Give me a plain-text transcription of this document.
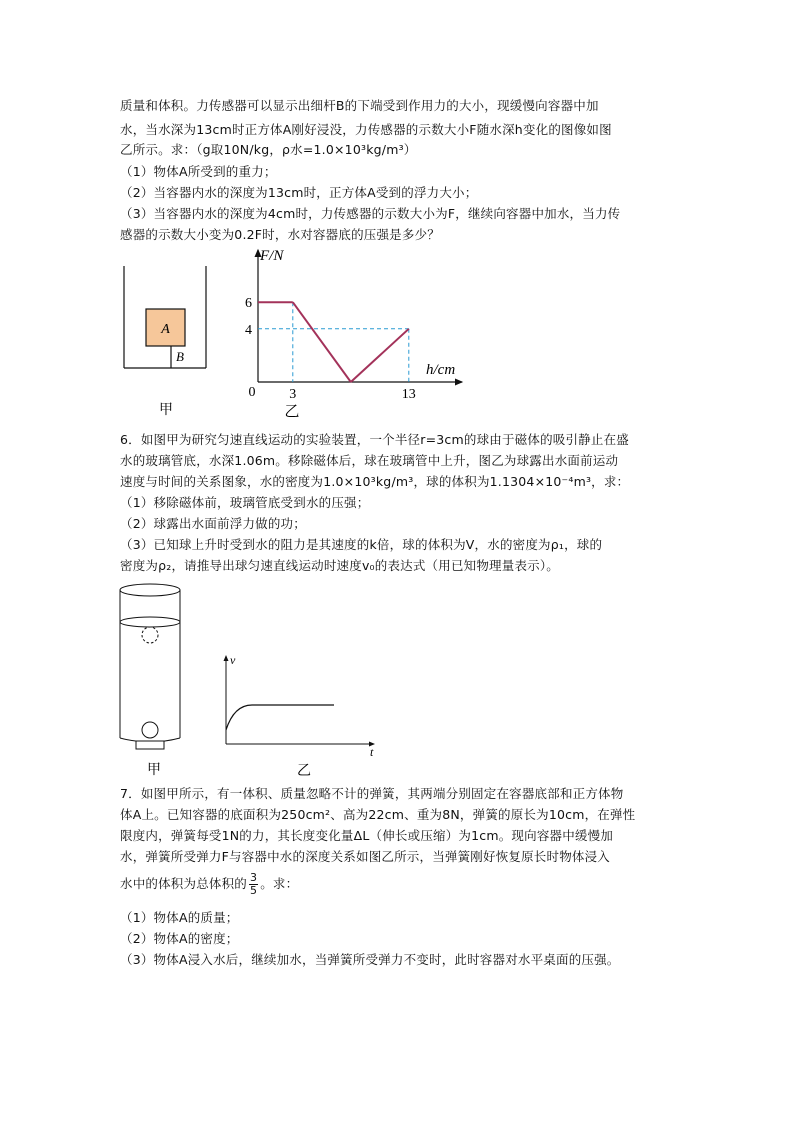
质量和体积。力传感器可以显示出细杆B的下端受到作用力的大小，现缓慢向容器中加
水，当水深为13cm时正方体A刚好浸没，力传感器的示数大小F随水深h变化的图像如图
乙所示。求：（g取10N/kg，ρ水=1.0×10³kg/m³）
（1）物体A所受到的重力；
（2）当容器内水的深度为13cm时，正方体A受到的浮力大小；
（3）当容器内水的深度为4cm时，力传感器的示数大小为F，继续向容器中加水，当力传
感器的示数大小变为0.2F时，水对容器底的压强是多少？
A
B
甲
F/N
h/cm
0
乙
3	13
6
4
6．如图甲为研究匀速直线运动的实验装置，一个半径r=3cm的球由于磁体的吸引静止在盛
水的玻璃管底，水深1.06m。移除磁体后，球在玻璃管中上升，图乙为球露出水面前运动
速度与时间的关系图象，水的密度为1.0×10³kg/m³，球的体积为1.1304×10⁻⁴m³，求：
（1）移除磁体前，玻璃管底受到水的压强；
（2）球露出水面前浮力做的功；
（3）已知球上升时受到水的阻力是其速度的k倍，球的体积为V，水的密度为ρ₁，球的
密度为ρ₂，请推导出球匀速直线运动时速度v₀的表达式（用已知物理量表示）。
甲
v
t
乙
7．如图甲所示，有一体积、质量忽略不计的弹簧，其两端分别固定在容器底部和正方体物
体A上。已知容器的底面积为250cm²、高为22cm、重为8N，弹簧的原长为10cm，在弹性
限度内，弹簧每受1N的力，其长度变化量ΔL（伸长或压缩）为1cm。现向容器中缓慢加
水，弹簧所受弹力F与容器中水的深度关系如图乙所示，当弹簧刚好恢复原长时物体浸入
水中的体积为总体积的 $\frac{3}{5}$ 。求：
（1）物体A的质量；
（2）物体A的密度；
（3）物体A浸入水后，继续加水，当弹簧所受弹力不变时，此时容器对水平桌面的压强。
